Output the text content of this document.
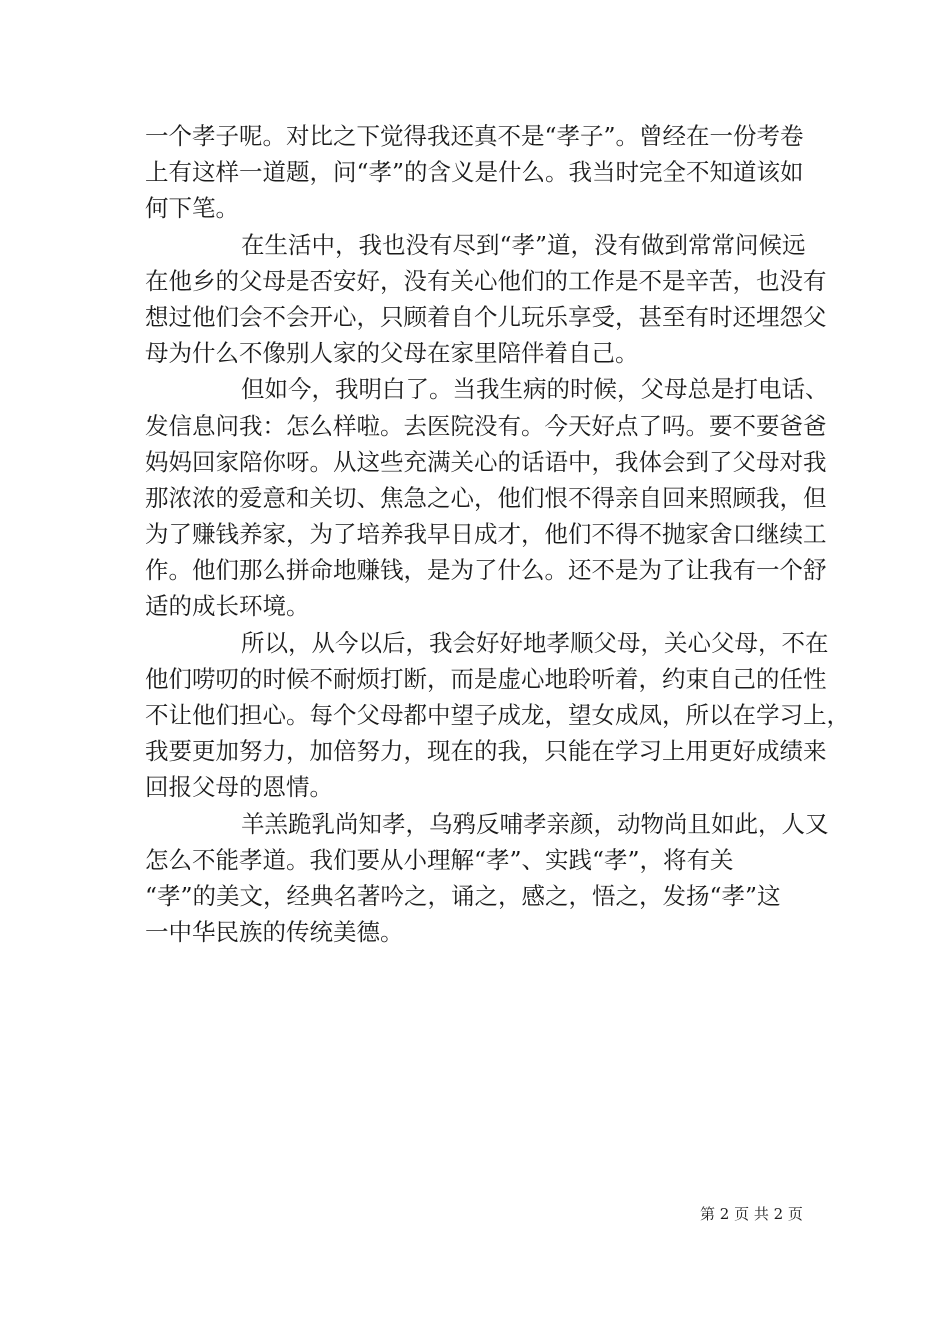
一个孝子呢。对比之下觉得我还真不是“孝子”。曾经在一份考卷
上有这样一道题，问“孝”的含义是什么。我当时完全不知道该如
何下笔。
在生活中，我也没有尽到“孝”道，没有做到常常问候远
在他乡的父母是否安好，没有关心他们的工作是不是辛苦，也没有
想过他们会不会开心，只顾着自个儿玩乐享受，甚至有时还埋怨父
母为什么不像别人家的父母在家里陪伴着自己。
但如今，我明白了。当我生病的时候，父母总是打电话、
发信息问我：怎么样啦。去医院没有。今天好点了吗。要不要爸爸
妈妈回家陪你呀。从这些充满关心的话语中，我体会到了父母对我
那浓浓的爱意和关切、焦急之心，他们恨不得亲自回来照顾我，但
为了赚钱养家，为了培养我早日成才，他们不得不抛家舍口继续工
作。他们那么拼命地赚钱，是为了什么。还不是为了让我有一个舒
适的成长环境。
所以，从今以后，我会好好地孝顺父母，关心父母，不在
他们唠叨的时候不耐烦打断，而是虚心地聆听着，约束自己的任性
不让他们担心。每个父母都中望子成龙，望女成凤，所以在学习上，
我要更加努力，加倍努力，现在的我，只能在学习上用更好成绩来
回报父母的恩情。
羊羔跪乳尚知孝，乌鸦反哺孝亲颜，动物尚且如此，人又
怎么不能孝道。我们要从小理解“孝”、实践“孝”，将有关
“孝”的美文，经典名著吟之，诵之，感之，悟之，发扬“孝”这
一中华民族的传统美德。
第 2 页 共 2 页
